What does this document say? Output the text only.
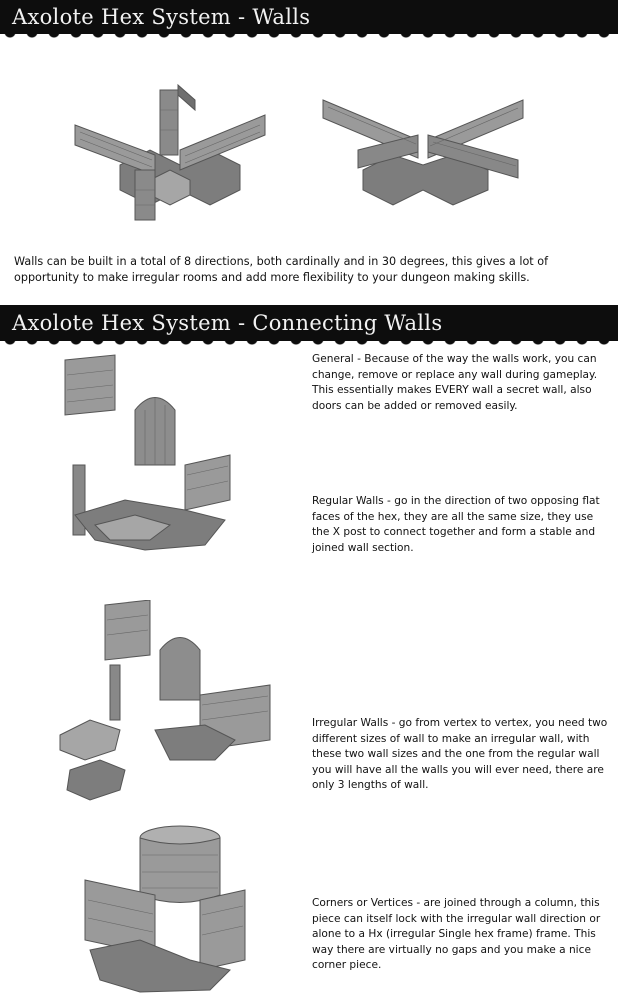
Axolote Hex System - Walls
Walls can be built in a total of 8 directions, both cardinally and in 30 degrees, this gives a lot of opportunity to make irregular rooms and add more flexibility to your dungeon making skills.
Axolote Hex System - Connecting Walls
General - Because of the way the walls work, you can change, remove or replace any wall during gameplay. This essentially makes EVERY wall a secret wall, also doors can be added or removed easily.
Regular Walls - go in the direction of two opposing flat faces of the hex, they are all the same size, they use the X post to connect together and form a stable and joined wall section.
Irregular Walls - go from vertex to vertex, you need two different sizes of wall to make an irregular wall, with these two wall sizes and the one from the regular wall you will have all the walls you will ever need, there are only 3 lengths of wall.
Corners or Vertices - are joined through a column, this piece can itself lock with the irregular wall direction or alone to a Hx (irregular Single hex frame) frame. This way there are virtually no gaps and you make a nice corner piece.
